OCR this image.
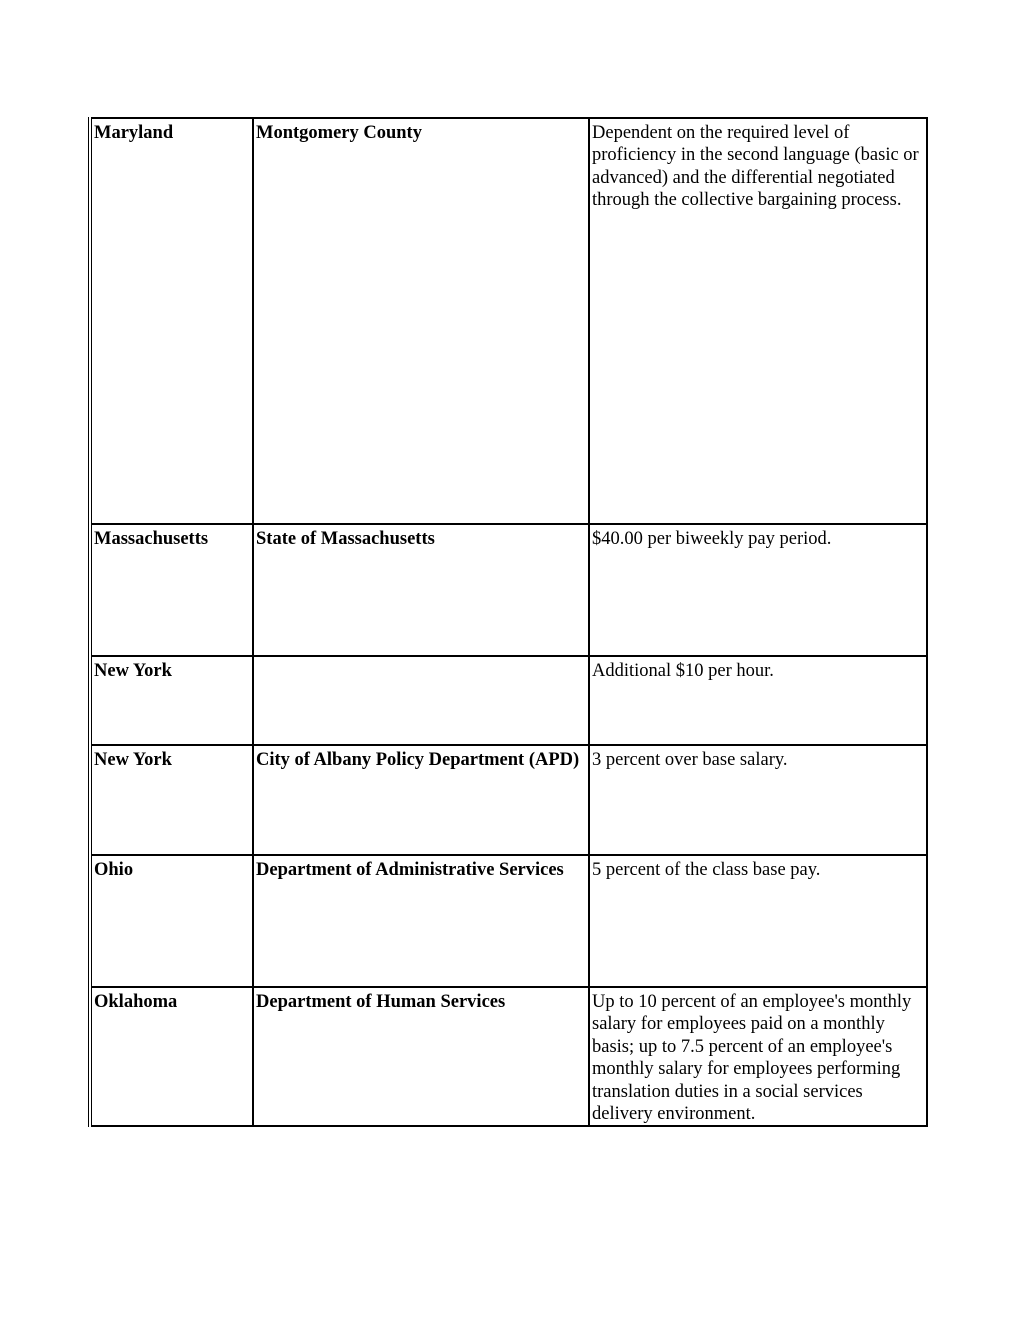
Maryland	Montgomery County	Dependent on the required level of proficiency in the second language (basic or advanced) and the differential negotiated through the collective bargaining process.
Massachusetts	State of Massachusetts	$40.00 per biweekly pay period.
New York		Additional $10 per hour.
New York	City of Albany Policy Department (APD)	3 percent over base salary.
Ohio	Department of Administrative Services	5 percent of the class base pay.
Oklahoma	Department of Human Services	Up to 10 percent of an employee's monthly salary for employees paid on a monthly basis; up to 7.5 percent of an employee's monthly salary for employees performing translation duties in a social services delivery environment.
